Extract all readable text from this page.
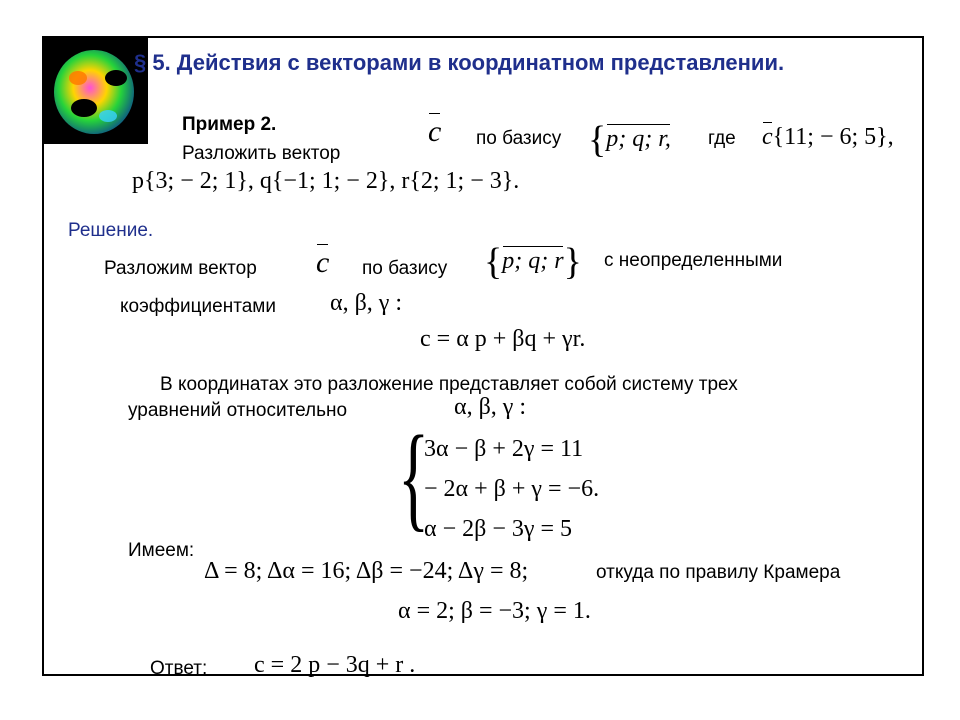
§ 5. Действия с векторами в координатном представлении.
Пример 2.
Разложить вектор
c по базису {p; q; r, где c{11; − 6; 5},
p{3; − 2; 1}, q{−1; 1; − 2}, r{2; 1; − 3}.
Решение.
Разложим вектор c по базису {p; q; r} с неопределенными
коэффициентами α, β, γ :
c = α p + βq + γr.
В координатах это разложение представляет собой систему трех
уравнений относительно	α, β, γ :
{
3α − β + 2γ = 11
− 2α + β + γ = −6.
α − 2β − 3γ = 5
Имеем:
Δ = 8; Δα = 16; Δβ = −24; Δγ = 8;	откуда по правилу Крамера
α = 2; β = −3; γ = 1.
Ответ: c = 2 p − 3q + r .
